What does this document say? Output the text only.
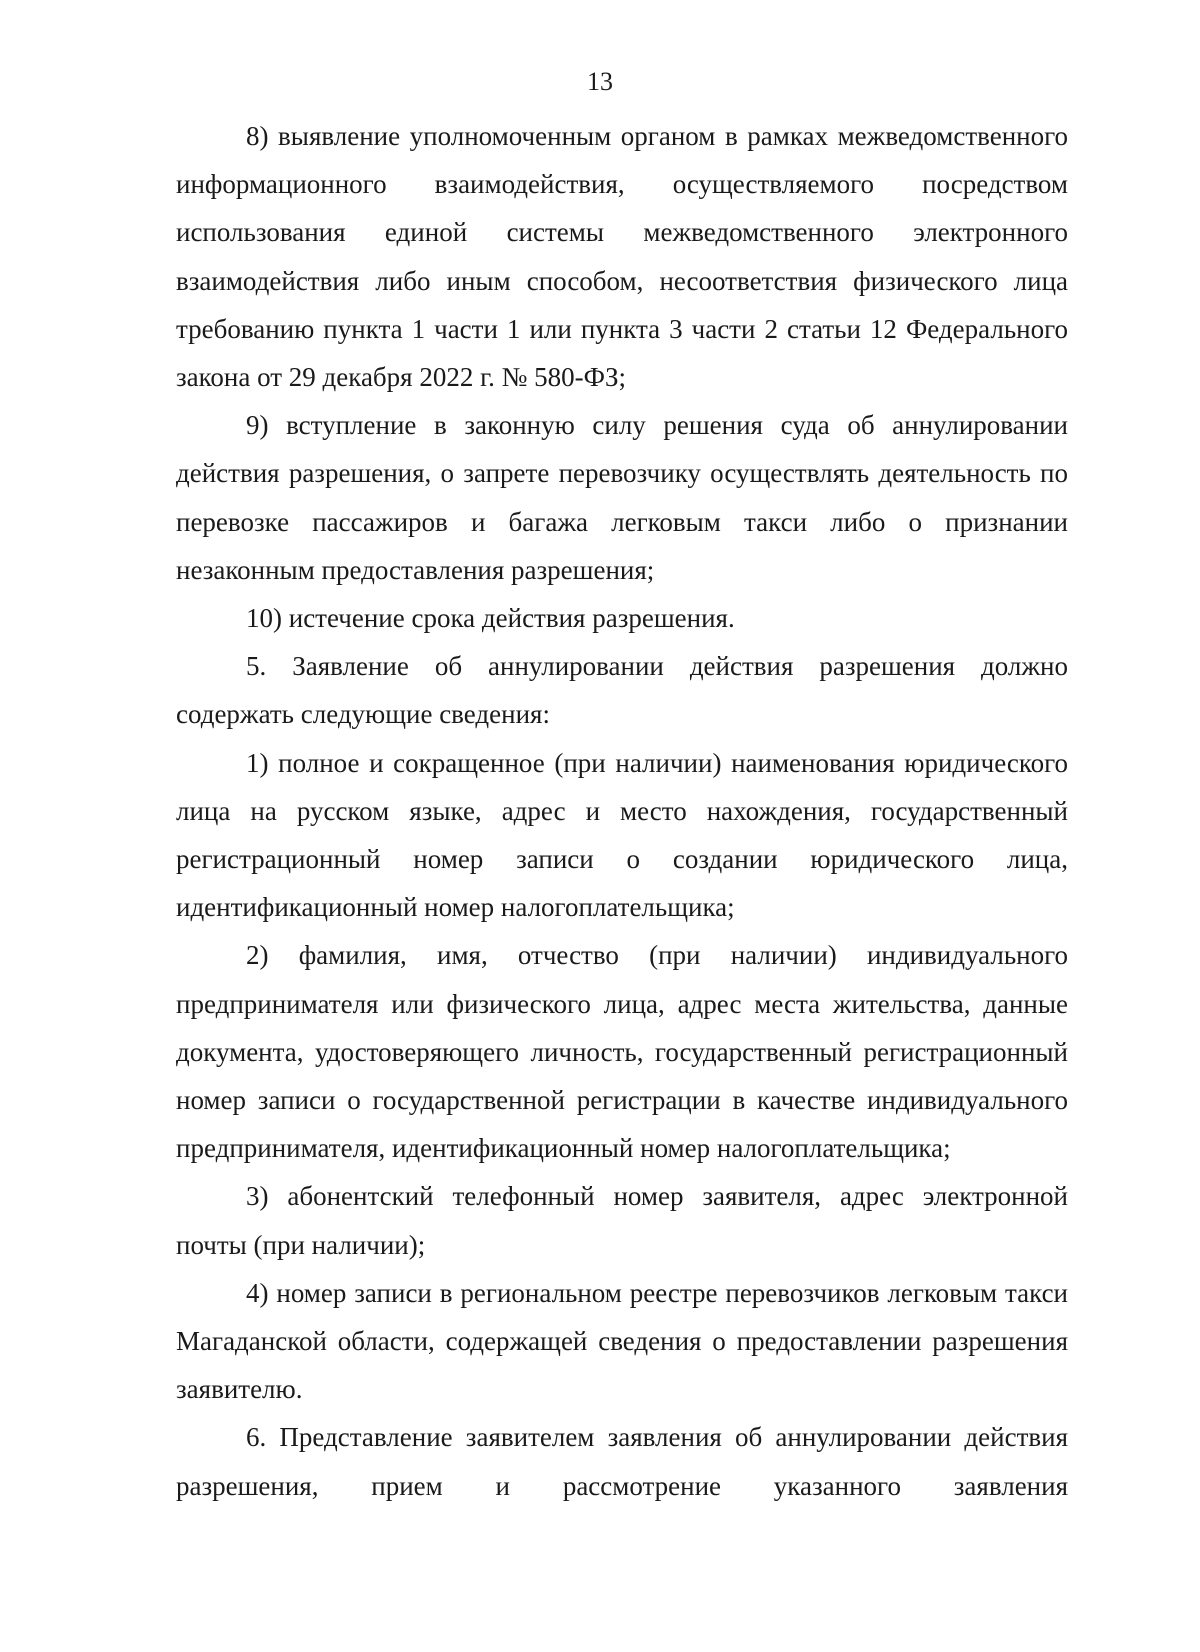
13

8) выявление уполномоченным органом в рамках межведомственного информационного взаимодействия, осуществляемого посредством использования единой системы межведомственного электронного взаимодействия либо иным способом, несоответствия физического лица требованию пункта 1 части 1 или пункта 3 части 2 статьи 12 Федерального закона от 29 декабря 2022 г. № 580-ФЗ;

9) вступление в законную силу решения суда об аннулировании действия разрешения, о запрете перевозчику осуществлять деятельность по перевозке пассажиров и багажа легковым такси либо о признании незаконным предоставления разрешения;

10) истечение срока действия разрешения.

5. Заявление об аннулировании действия разрешения должно содержать следующие сведения:

1) полное и сокращенное (при наличии) наименования юридического лица на русском языке, адрес и место нахождения, государственный регистрационный номер записи о создании юридического лица, идентификационный номер налогоплательщика;

2) фамилия, имя, отчество (при наличии) индивидуального предпринимателя или физического лица, адрес места жительства, данные документа, удостоверяющего личность, государственный регистрационный номер записи о государственной регистрации в качестве индивидуального предпринимателя, идентификационный номер налогоплательщика;

3) абонентский телефонный номер заявителя, адрес электронной почты (при наличии);

4) номер записи в региональном реестре перевозчиков легковым такси Магаданской области, содержащей сведения о предоставлении разрешения заявителю.

6. Представление заявителем заявления об аннулировании действия разрешения, прием и рассмотрение указанного заявления
